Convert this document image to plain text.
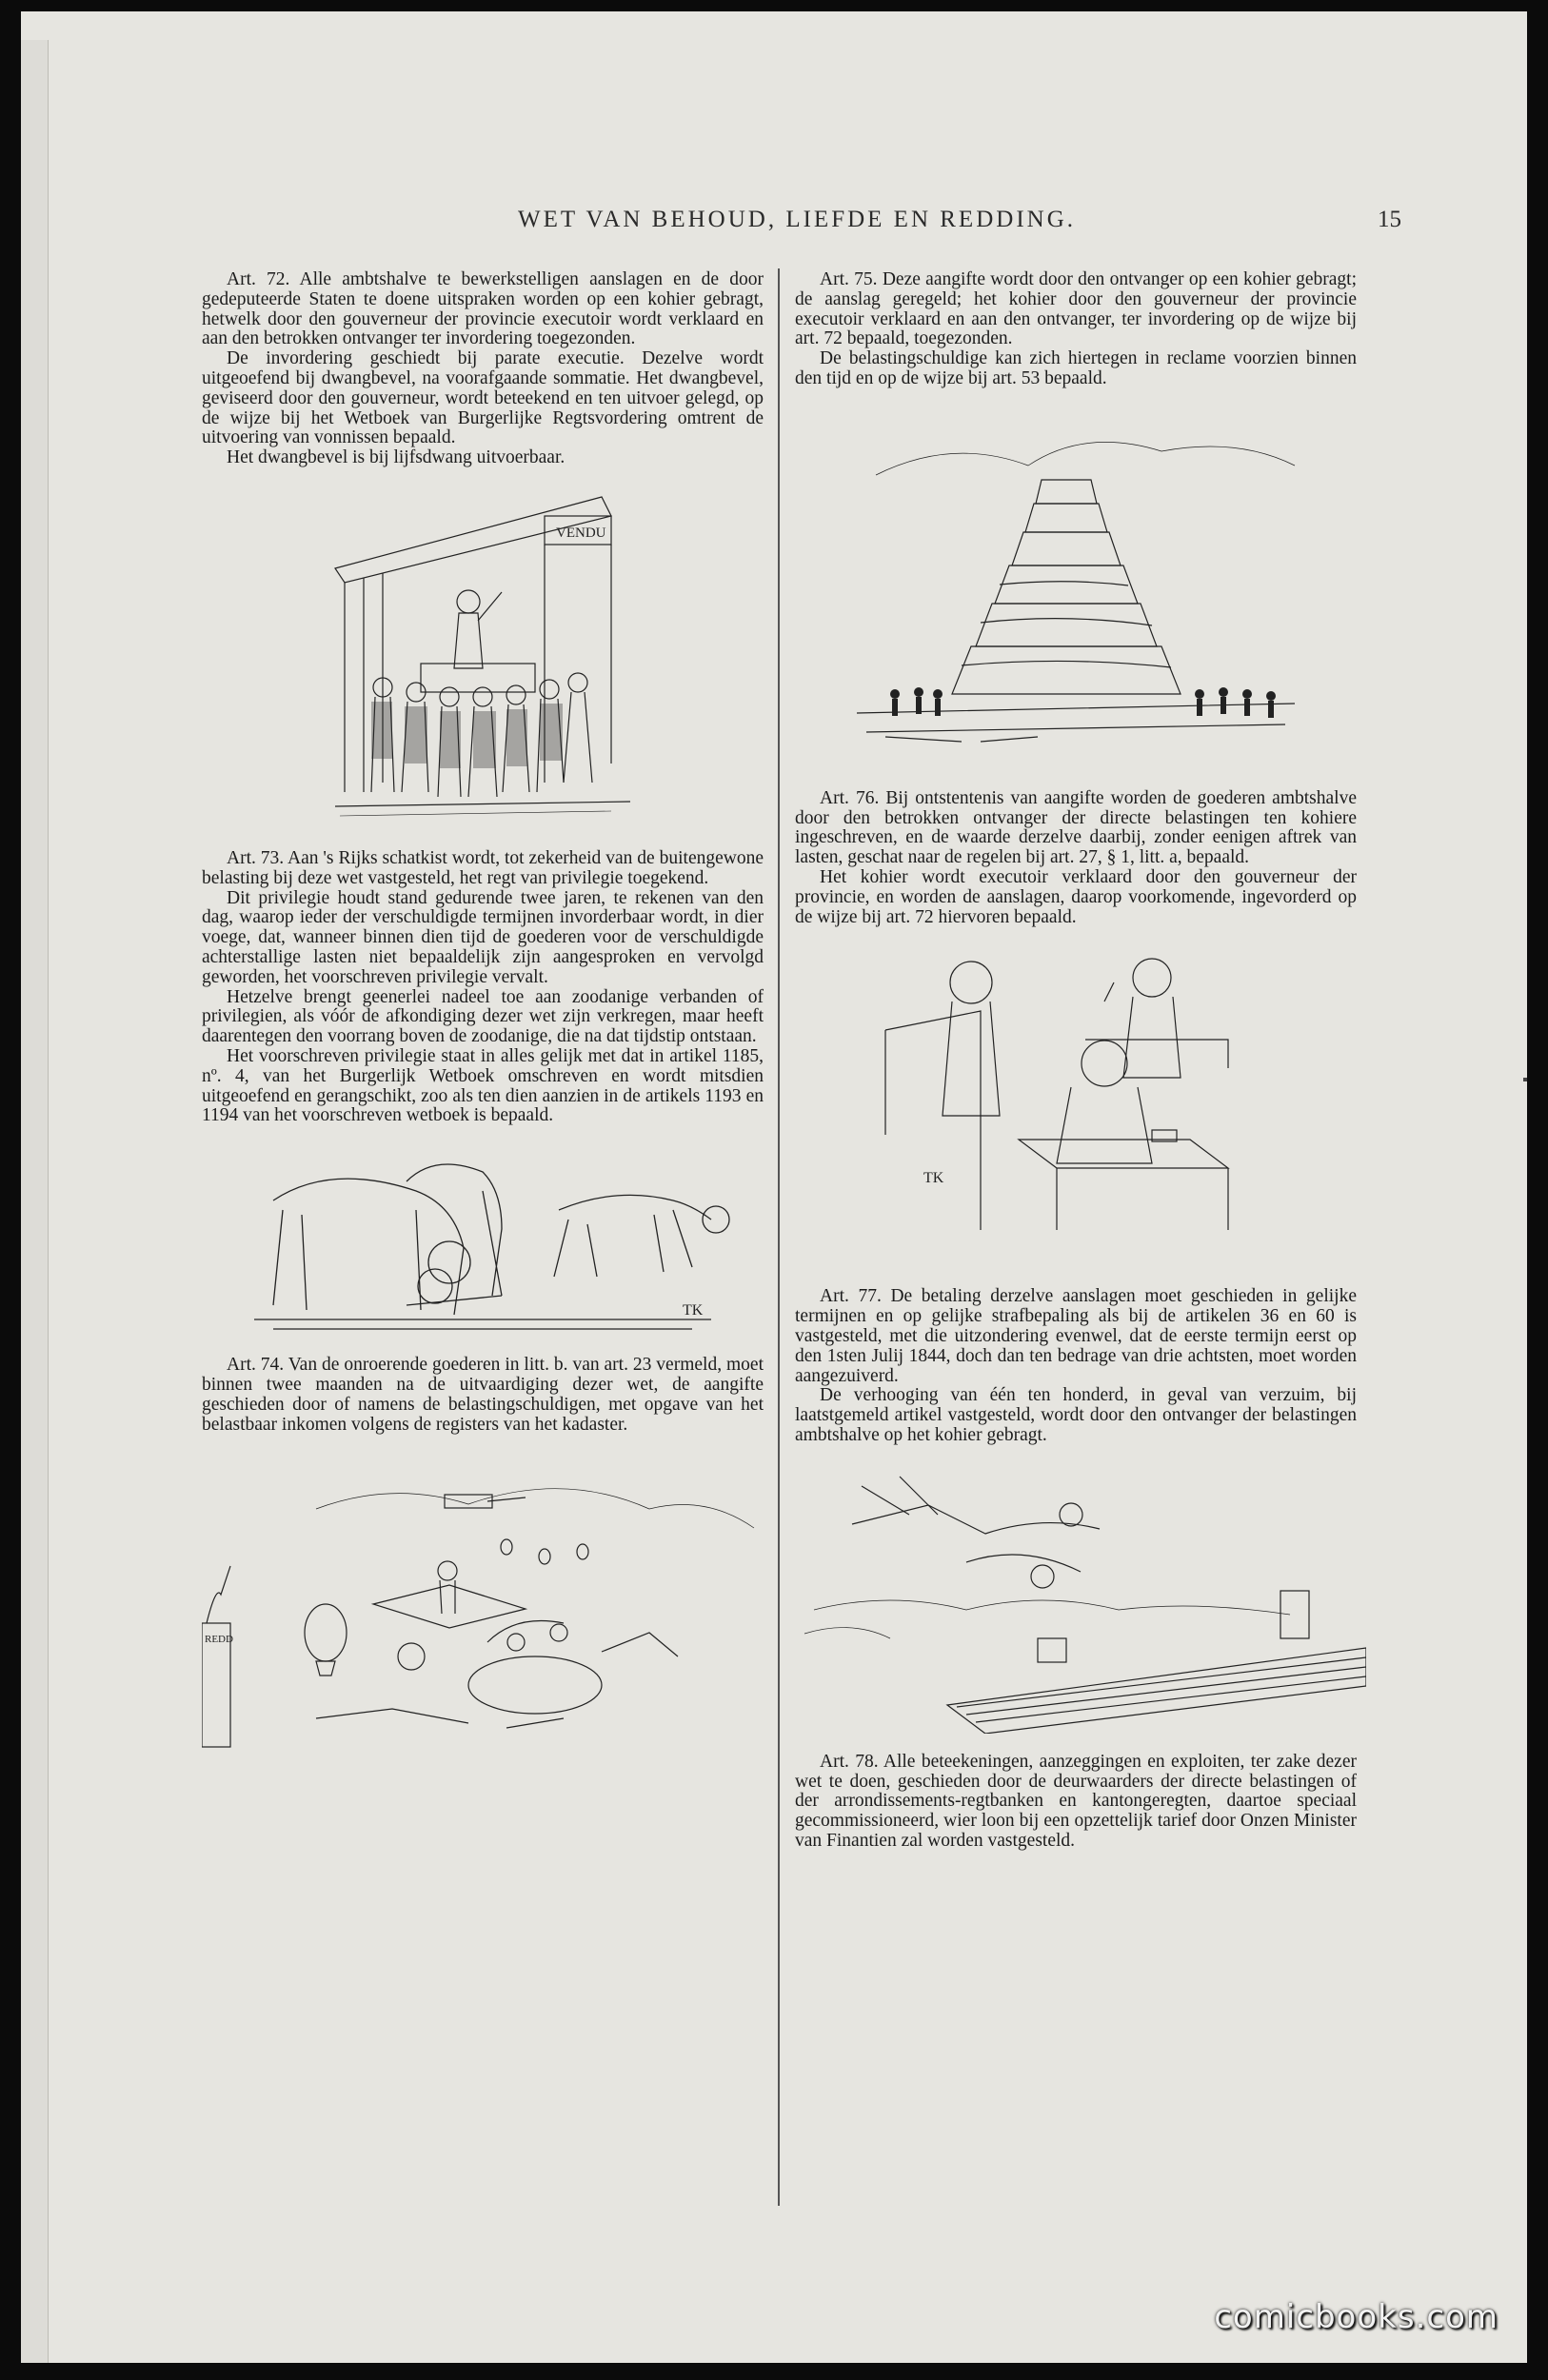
WET VAN BEHOUD, LIEFDE EN REDDING.	15

Art. 72. Alle ambtshalve te bewerkstelligen aanslagen en de door gedeputeerde Staten te doene uitspraken worden op een kohier gebragt, hetwelk door den gouverneur der provincie executoir wordt verklaard en aan den betrokken ontvanger ter invordering toegezonden.

De invordering geschiedt bij parate executie. Dezelve wordt uitgeoefend bij dwangbevel, na voorafgaande sommatie. Het dwangbevel, geviseerd door den gouverneur, wordt beteekend en ten uitvoer gelegd, op de wijze bij het Wetboek van Burgerlijke Regtsvordering omtrent de uitvoering van vonnissen bepaald.

Het dwangbevel is bij lijfsdwang uitvoerbaar.

VENDU

Art. 73. Aan 's Rijks schatkist wordt, tot zekerheid van de buitengewone belasting bij deze wet vastgesteld, het regt van privilegie toegekend.

Dit privilegie houdt stand gedurende twee jaren, te rekenen van den dag, waarop ieder der verschuldigde termijnen invorderbaar wordt, in dier voege, dat, wanneer binnen dien tijd de goederen voor de verschuldigde achterstallige lasten niet bepaaldelijk zijn aangesproken en vervolgd geworden, het voorschreven privilegie vervalt.

Hetzelve brengt geenerlei nadeel toe aan zoodanige verbanden of privilegien, als vóór de afkondiging dezer wet zijn verkregen, maar heeft daarentegen den voorrang boven de zoodanige, die na dat tijdstip ontstaan.

Het voorschreven privilegie staat in alles gelijk met dat in artikel 1185, nº. 4, van het Burgerlijk Wetboek omschreven en wordt mitsdien uitgeoefend en gerangschikt, zoo als ten dien aanzien in de artikels 1193 en 1194 van het voorschreven wetboek is bepaald.

TK

Art. 74. Van de onroerende goederen in litt. b. van art. 23 vermeld, moet binnen twee maanden na de uitvaardiging dezer wet, de aangifte geschieden door of namens de belastingschuldigen, met opgave van het belastbaar inkomen volgens de registers van het kadaster.

REDD

Art. 75. Deze aangifte wordt door den ontvanger op een kohier gebragt; de aanslag geregeld; het kohier door den gouverneur der provincie executoir verklaard en aan den ontvanger, ter invordering op de wijze bij art. 72 bepaald, toegezonden.

De belastingschuldige kan zich hiertegen in reclame voorzien binnen den tijd en op de wijze bij art. 53 bepaald.

Art. 76. Bij ontstentenis van aangifte worden de goederen ambtshalve door den betrokken ontvanger der directe belastingen ten kohiere ingeschreven, en de waarde derzelve daarbij, zonder eenigen aftrek van lasten, geschat naar de regelen bij art. 27, § 1, litt. a, bepaald.

Het kohier wordt executoir verklaard door den gouverneur der provincie, en worden de aanslagen, daarop voorkomende, ingevorderd op de wijze bij art. 72 hiervoren bepaald.

TK

Art. 77. De betaling derzelve aanslagen moet geschieden in gelijke termijnen en op gelijke strafbepaling als bij de artikelen 36 en 60 is vastgesteld, met die uitzondering evenwel, dat de eerste termijn eerst op den 1sten Julij 1844, doch dan ten bedrage van drie achtsten, moet worden aangezuiverd.

De verhooging van één ten honderd, in geval van verzuim, bij laatstgemeld artikel vastgesteld, wordt door den ontvanger der belastingen ambtshalve op het kohier gebragt.

Art. 78. Alle beteekeningen, aanzeggingen en exploiten, ter zake dezer wet te doen, geschieden door de deurwaarders der directe belastingen of der arrondissements-regtbanken en kantongeregten, daartoe speciaal gecommissioneerd, wier loon bij een opzettelijk tarief door Onzen Minister van Finantien zal worden vastgesteld.

comicbooks.com
